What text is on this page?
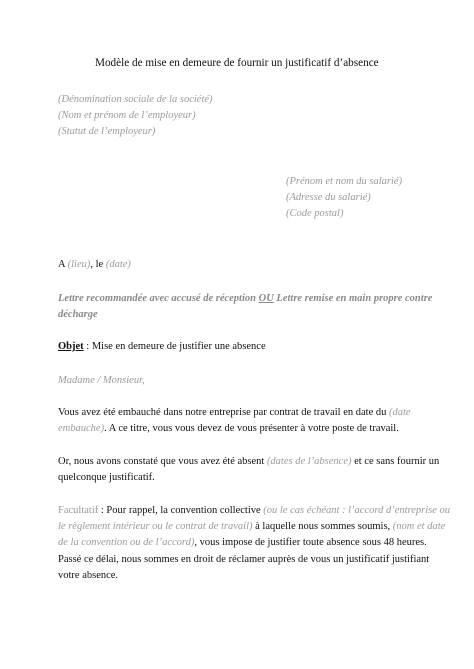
Modèle de mise en demeure de fournir un justificatif d’absence
(Dénomination sociale de la société)
(Nom et prénom de l’employeur)
(Statut de l’employeur)
(Prénom et nom du salarié)
(Adresse du salarié)
(Code postal)
A (lieu), le (date)
Lettre recommandée avec accusé de réception OU Lettre remise en main propre contre
décharge
Objet : Mise en demeure de justifier une absence
Madame / Monsieur,
Vous avez été embauché dans notre entreprise par contrat de travail en date du (date
embauche). A ce titre, vous vous devez de vous présenter à votre poste de travail.
Or, nous avons constaté que vous avez été absent (dates de l’absence) et ce sans fournir un
quelconque justificatif.
Facultatif : Pour rappel, la convention collective (ou le cas échéant : l’accord d’entreprise ou
le règlement intérieur ou le contrat de travail) à laquelle nous sommes soumis, (nom et date
de la convention ou de l’accord), vous impose de justifier toute absence sous 48 heures.
Passé ce délai, nous sommes en droit de réclamer auprès de vous un justificatif justifiant
votre absence.
